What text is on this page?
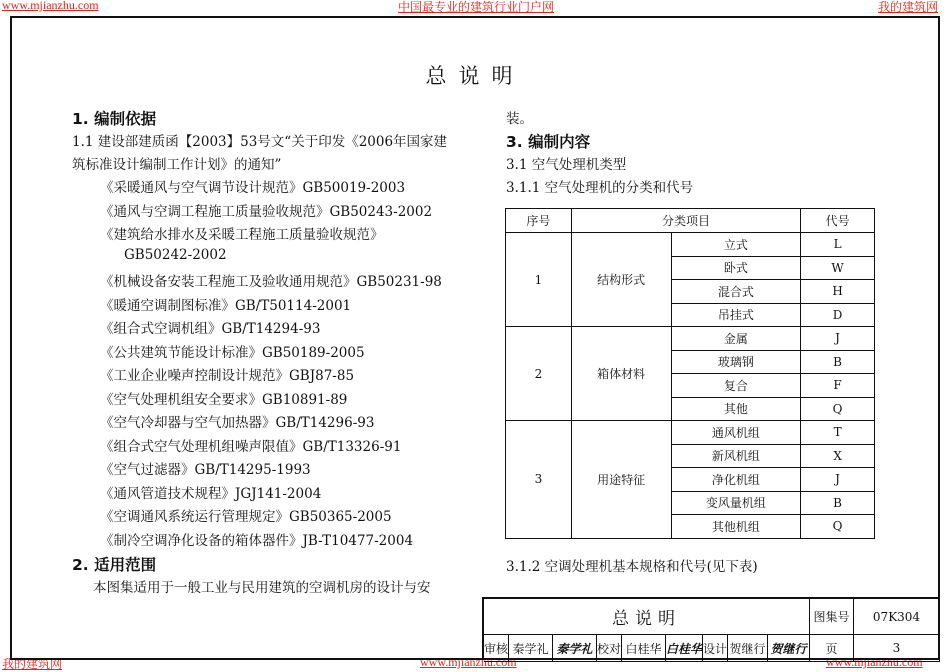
www.mjianzhu.com	中国最专业的建筑行业门户网	我的建筑网
我的建筑网	www.mjianzhu.com	www.mjianzhu.com
总说明
1. 编制依据
1.1 建设部建质函【2003】53号文“关于印发《2006年国家建
筑标准设计编制工作计划》的通知”
《采暖通风与空气调节设计规范》GB50019-2003
《通风与空调工程施工质量验收规范》GB50243-2002
《建筑给水排水及采暖工程施工质量验收规范》
GB50242-2002
《机械设备安装工程施工及验收通用规范》GB50231-98
《暖通空调制图标准》GB/T50114-2001
《组合式空调机组》GB/T14294-93
《公共建筑节能设计标准》GB50189-2005
《工业企业噪声控制设计规范》GBJ87-85
《空气处理机组安全要求》GB10891-89
《空气冷却器与空气加热器》GB/T14296-93
《组合式空气处理机组噪声限值》GB/T13326-91
《空气过滤器》GB/T14295-1993
《通风管道技术规程》JGJ141-2004
《空调通风系统运行管理规定》GB50365-2005
《制冷空调净化设备的箱体器件》JB-T10477-2004
2. 适用范围
本图集适用于一般工业与民用建筑的空调机房的设计与安
装。
3. 编制内容
3.1 空气处理机类型
3.1.1 空气处理机的分类和代号
序号	分类项目		代号
1	结构形式	立式	L
		卧式	W
		混合式	H
		吊挂式	D
2	箱体材料	金属	J
		玻璃钢	B
		复合	F
		其他	Q
3	用途特征	通风机组	T
		新风机组	X
		净化机组	J
		变风量机组	B
		其他机组	Q
3.1.2 空调处理机基本规格和代号(见下表)
总说明	图集号	07K304
审核 秦学礼 秦学礼 校对 白桂华 白桂华 设计 贺继行 贺继行	页	3
